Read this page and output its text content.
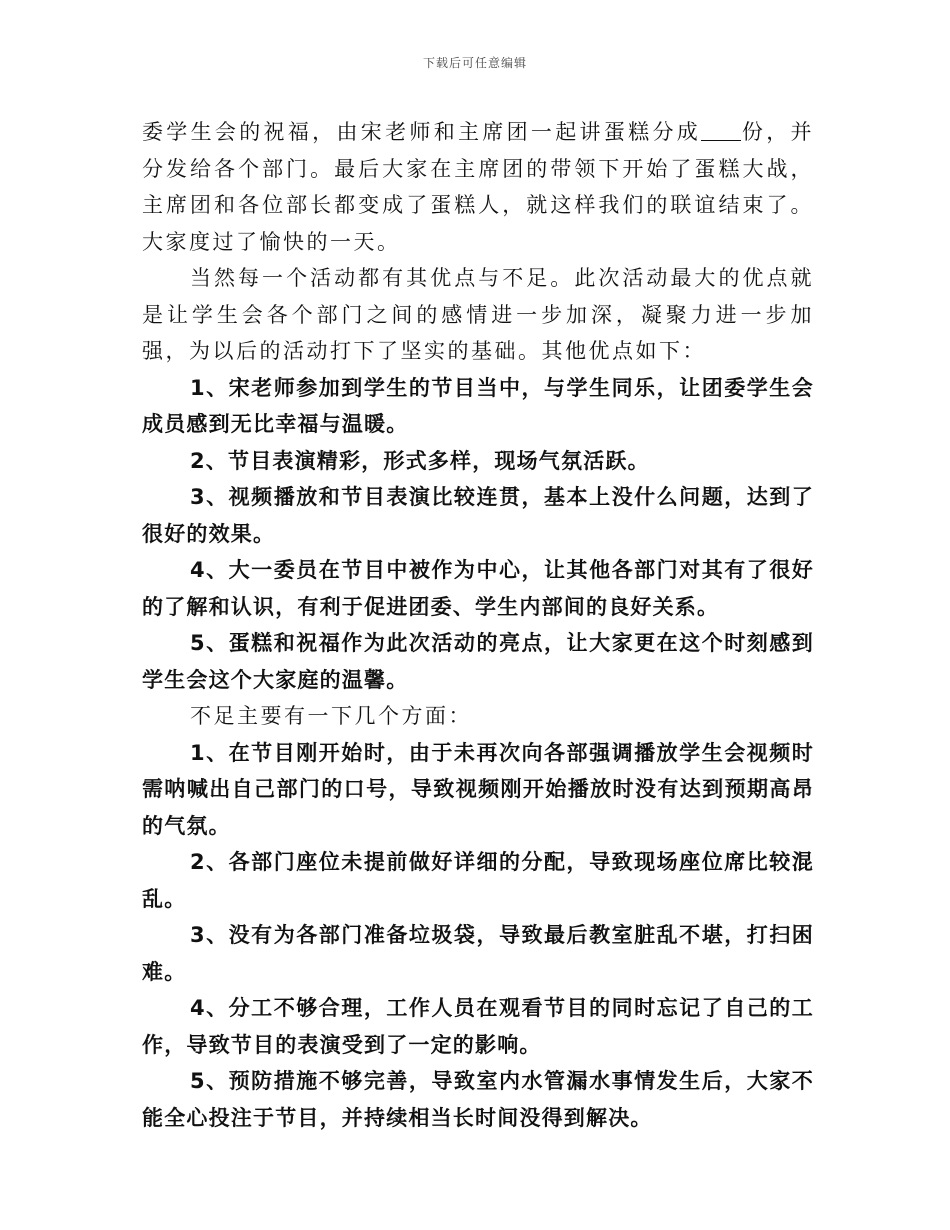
下载后可任意编辑

委学生会的祝福，由宋老师和主席团一起讲蛋糕分成 份，并分发给各个部门。最后大家在主席团的带领下开始了蛋糕大战，主席团和各位部长都变成了蛋糕人，就这样我们的联谊结束了。大家度过了愉快的一天。

当然每一个活动都有其优点与不足。此次活动最大的优点就是让学生会各个部门之间的感情进一步加深，凝聚力进一步加强，为以后的活动打下了坚实的基础。其他优点如下：

1、宋老师参加到学生的节目当中，与学生同乐，让团委学生会成员感到无比幸福与温暖。

2、节目表演精彩，形式多样，现场气氛活跃。

3、视频播放和节目表演比较连贯，基本上没什么问题，达到了很好的效果。

4、大一委员在节目中被作为中心，让其他各部门对其有了很好的了解和认识，有利于促进团委、学生内部间的良好关系。

5、蛋糕和祝福作为此次活动的亮点，让大家更在这个时刻感到学生会这个大家庭的温馨。

不足主要有一下几个方面：

1、在节目刚开始时，由于未再次向各部强调播放学生会视频时需呐喊出自己部门的口号，导致视频刚开始播放时没有达到预期高昂的气氛。

2、各部门座位未提前做好详细的分配，导致现场座位席比较混乱。

3、没有为各部门准备垃圾袋，导致最后教室脏乱不堪，打扫困难。

4、分工不够合理，工作人员在观看节目的同时忘记了自己的工作，导致节目的表演受到了一定的影响。

5、预防措施不够完善，导致室内水管漏水事情发生后，大家不能全心投注于节目，并持续相当长时间没得到解决。
